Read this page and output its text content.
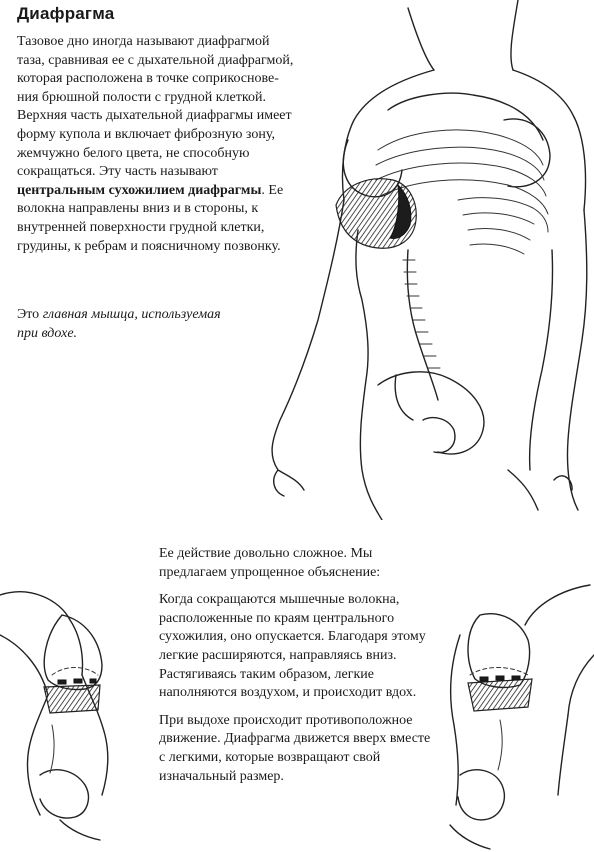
Диафрагма

Тазовое дно иногда называют диафрагмой таза, сравнивая ее с дыхательной диафрагмой, которая расположена в точке соприкосновения брюшной полости с грудной клеткой. Верхняя часть дыхательной диафрагмы имеет форму купола и включает фиброзную зону, жемчужно белого цвета, не способную сокращаться. Эту часть называют центральным сухожилием диафрагмы. Ее волокна направлены вниз и в стороны, к внутренней поверхности грудной клетки, грудины, к ребрам и поясничному позвонку.

Это главная мышца, используемая при вдохе.

Ее действие довольно сложное. Мы предлагаем упрощенное объяснение:

Когда сокращаются мышечные волокна, расположенные по краям центрального сухожилия, оно опускается. Благодаря этому легкие расширяются, направляясь вниз. Растягиваясь таким образом, легкие наполняются воздухом, и происходит вдох.

При выдохе происходит противоположное движение. Диафрагма движется вверх вместе с легкими, которые возвращают свой изначальный размер.
